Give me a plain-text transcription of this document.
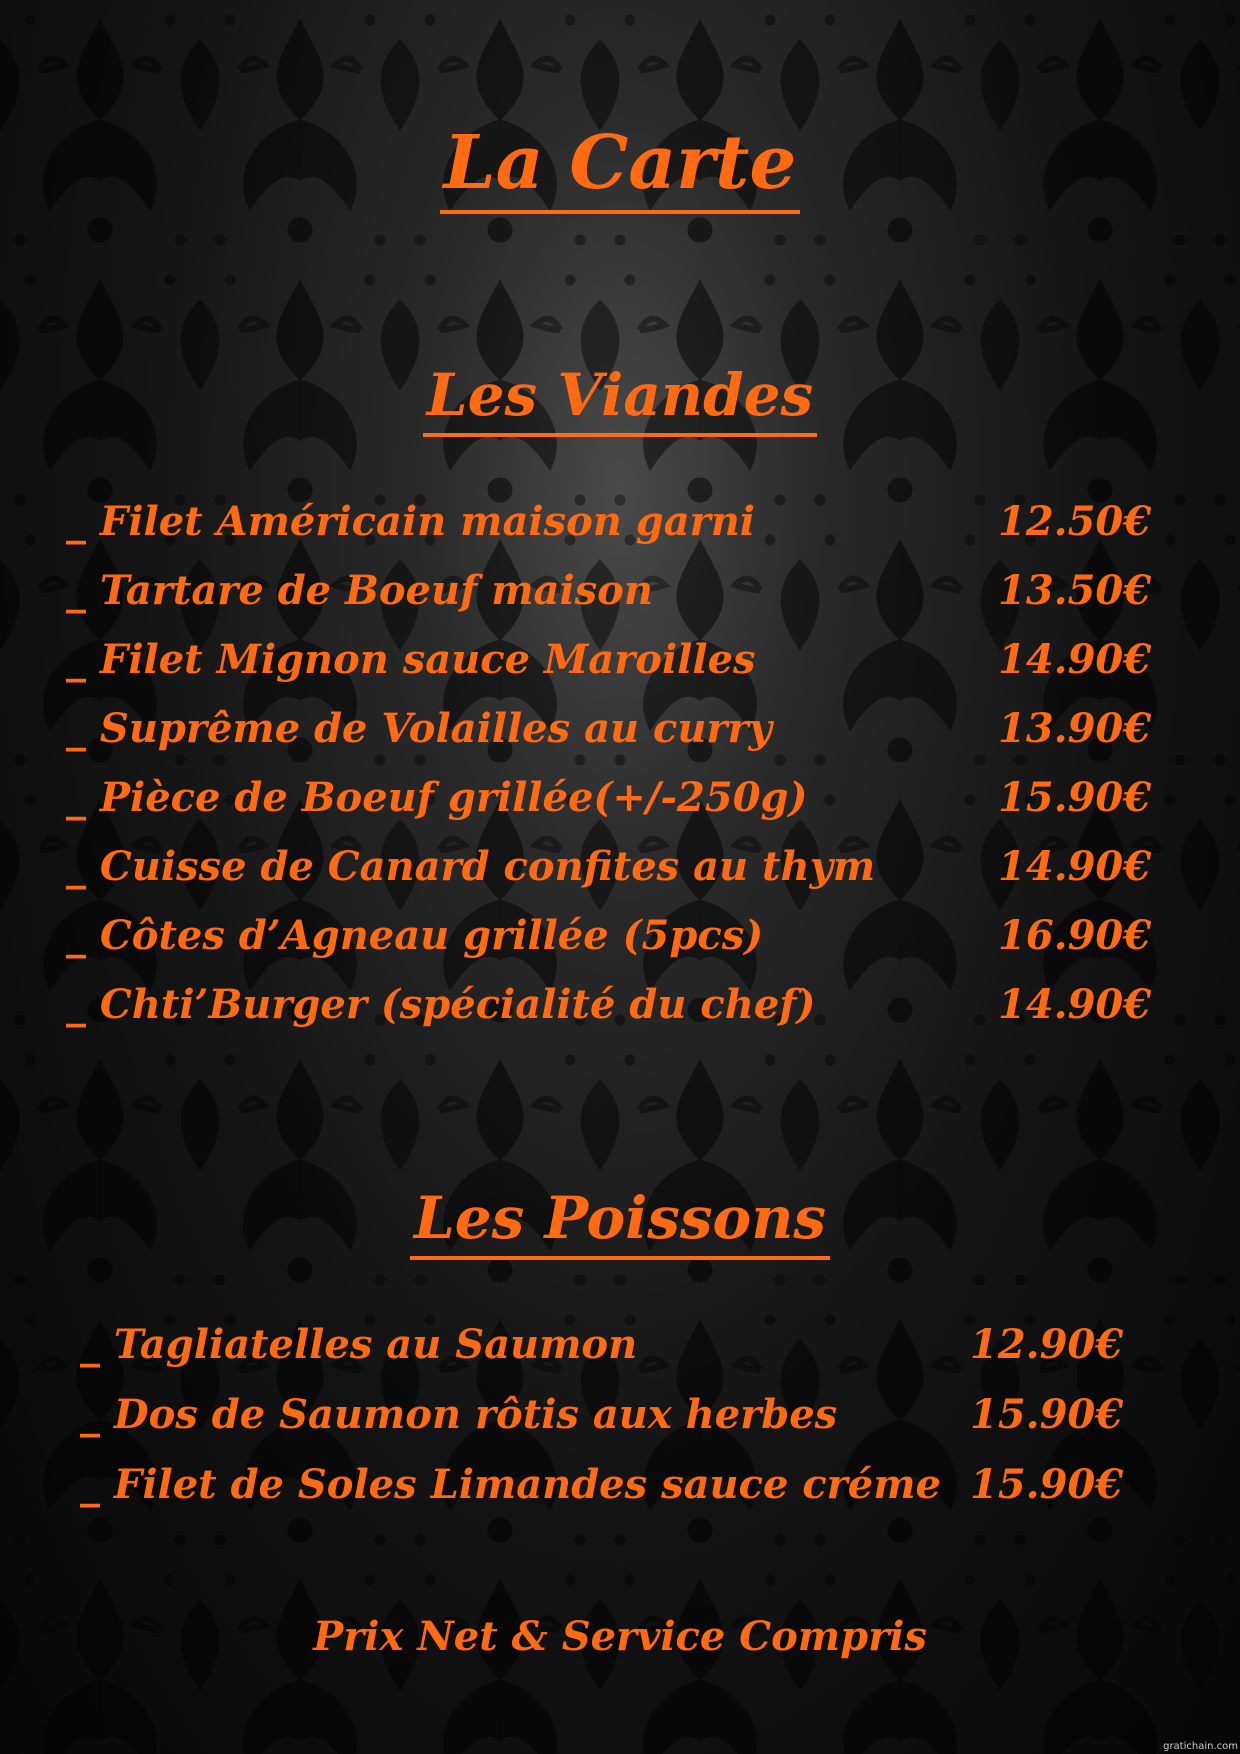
La Carte
Les Viandes
_ Filet Américain maison garni	12.50€
_ Tartare de Boeuf maison	13.50€
_ Filet Mignon sauce Maroilles	14.90€
_ Suprême de Volailles au curry	13.90€
_ Pièce de Boeuf grillée(+/-250g)	15.90€
_ Cuisse de Canard confites au thym	14.90€
_ Côtes d’Agneau grillée (5pcs)	16.90€
_ Chti’Burger (spécialité du chef)	14.90€
Les Poissons
_ Tagliatelles au Saumon	12.90€
_ Dos de Saumon rôtis aux herbes	15.90€
_ Filet de Soles Limandes sauce créme 15.90€

Prix Net & Service Compris

gratichain.com
